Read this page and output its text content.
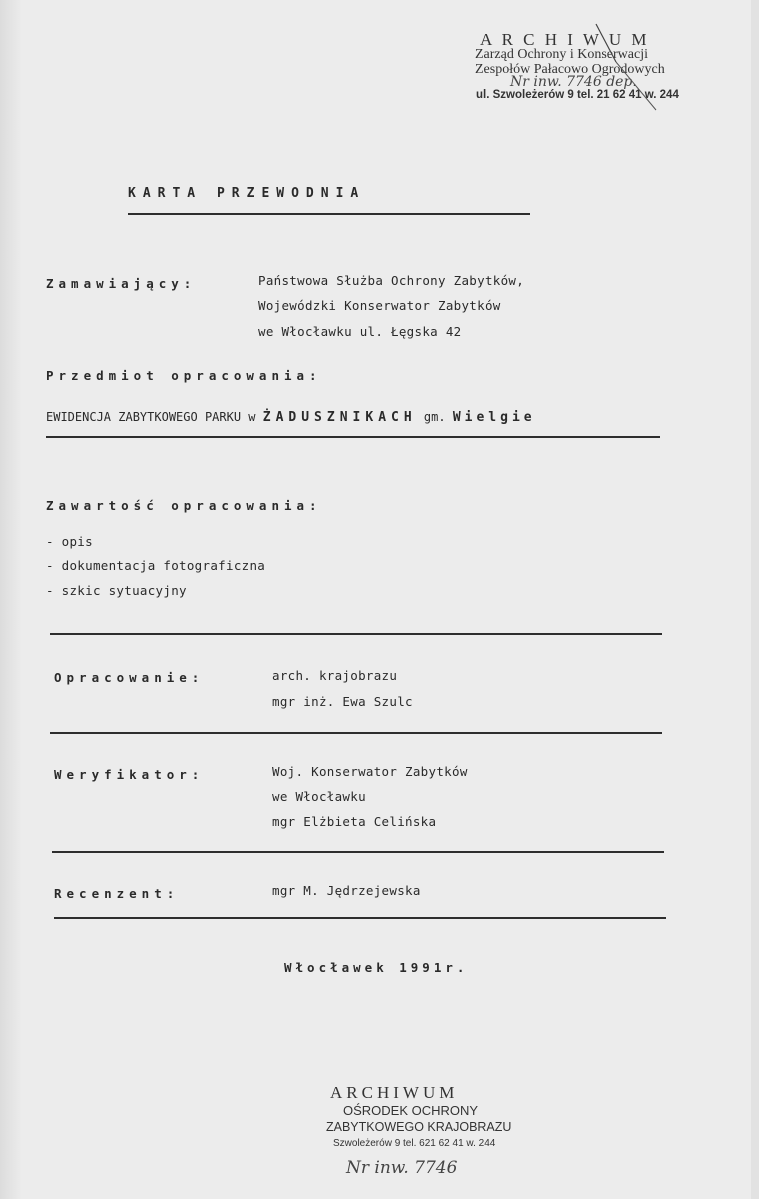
A R C H I W U M
Zarząd Ochrony i Konserwacji
Zespołów Pałacowo Ogrodowych
Nr inw. 7746 dep.
ul. Szwoleżerów 9 tel. 21 62 41 w. 244
KARTA PRZEWODNIA
Zamawiający:	Państwowa Służba Ochrony Zabytków,
Wojewódzki Konserwator Zabytków
we Włocławku ul. Łęgska 42
Przedmiot opracowania:
EWIDENCJA ZABYTKOWEGO PARKU w ŻADUSZNIKACH gm. Wielgie
Zawartość opracowania:
- opis
- dokumentacja fotograficzna
- szkic sytuacyjny
Opracowanie:	arch. krajobrazu
mgr inż. Ewa Szulc
Weryfikator:	Woj. Konserwator Zabytków
we Włocławku
mgr Elżbieta Celińska
Recenzent:	mgr M. Jędrzejewska
Włocławek 1991r.
ARCHIWUM
OŚRODEK OCHRONY
ZABYTKOWEGO KRAJOBRAZU
Szwoleżerów 9 tel. 621 62 41 w. 244
Nr inw. 7746
